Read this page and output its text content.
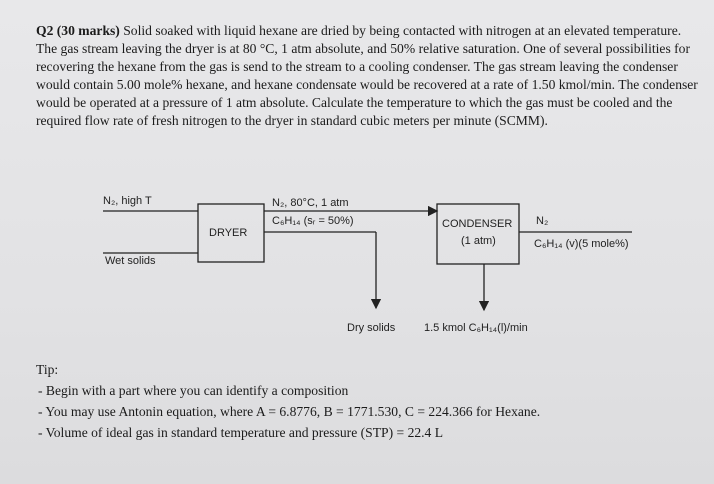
Q2 (30 marks) Solid soaked with liquid hexane are dried by being contacted with nitrogen at an elevated temperature. The gas stream leaving the dryer is at 80 °C, 1 atm absolute, and 50% relative saturation. One of several possibilities for recovering the hexane from the gas is send to the stream to a cooling condenser. The gas stream leaving the condenser would contain 5.00 mole% hexane, and hexane condensate would be recovered at a rate of 1.50 kmol/min. The condenser would be operated at a pressure of 1 atm absolute. Calculate the temperature to which the gas must be cooled and the required flow rate of fresh nitrogen to the dryer in standard cubic meters per minute (SCMM).
N₂, high T
Wet solids
DRYER
N₂, 80°C, 1 atm
C₆H₁₄ (sᵣ = 50%)	CONDENSER
(1 atm)
N₂
C₆H₁₄ (v)(5 mole%)
Dry solids	1.5 kmol C₆H₁₄(l)/min
Tip:
- Begin with a part where you can identify a composition
- You may use Antonin equation, where A = 6.8776, B = 1771.530, C = 224.366 for Hexane.
- Volume of ideal gas in standard temperature and pressure (STP) = 22.4 L
